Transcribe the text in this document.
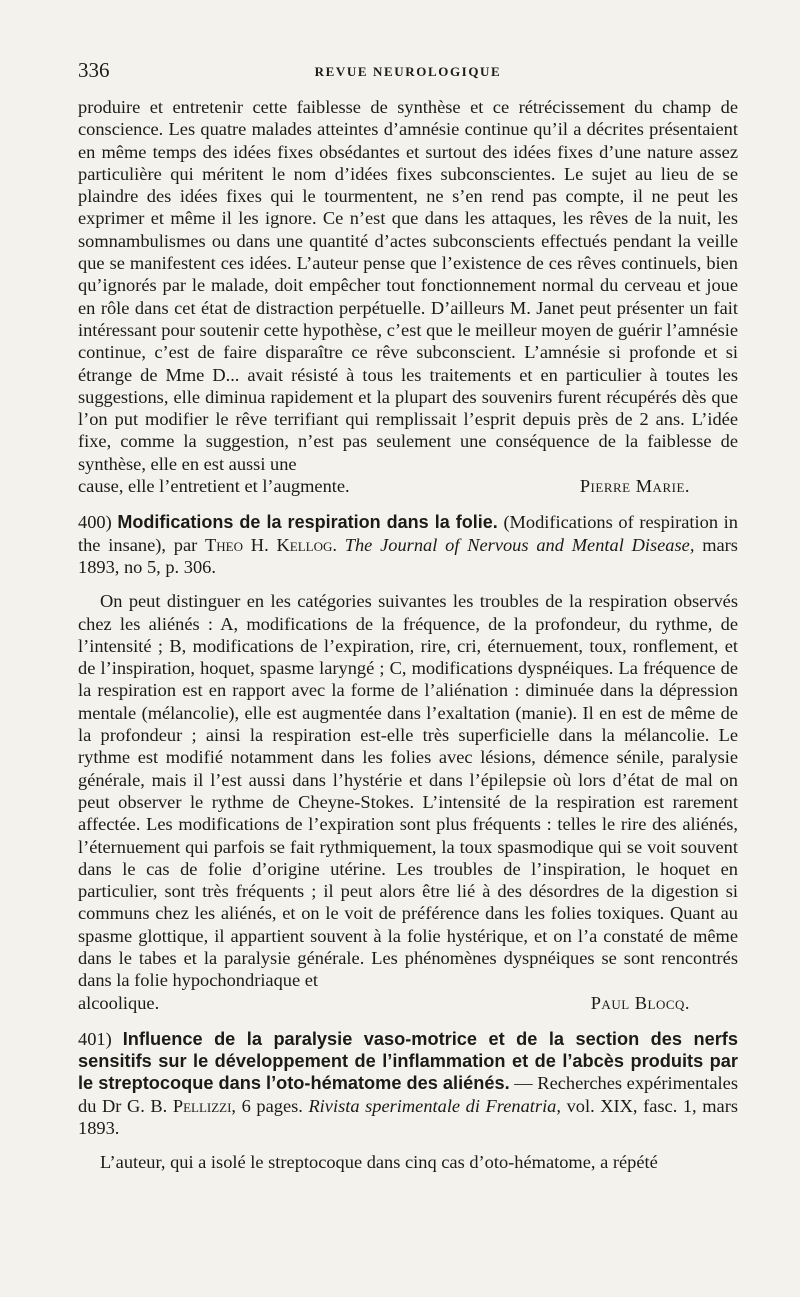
336	REVUE NEUROLOGIQUE

produire et entretenir cette faiblesse de synthèse et ce rétrécissement du champ de conscience. Les quatre malades atteintes d’amnésie continue qu’il a décrites présentaient en même temps des idées fixes obsédantes et surtout des idées fixes d’une nature assez particulière qui méritent le nom d’idées fixes subconscientes. Le sujet au lieu de se plaindre des idées fixes qui le tourmentent, ne s’en rend pas compte, il ne peut les exprimer et même il les ignore. Ce n’est que dans les attaques, les rêves de la nuit, les somnambulismes ou dans une quantité d’actes subconscients effectués pendant la veille que se manifestent ces idées. L’auteur pense que l’existence de ces rêves continuels, bien qu’ignorés par le malade, doit empêcher tout fonctionnement normal du cerveau et joue en rôle dans cet état de distraction perpétuelle. D’ailleurs M. Janet peut présenter un fait intéressant pour soutenir cette hypothèse, c’est que le meilleur moyen de guérir l’amnésie continue, c’est de faire disparaître ce rêve subconscient. L’amnésie si profonde et si étrange de Mme D... avait résisté à tous les traitements et en particulier à toutes les suggestions, elle diminua rapidement et la plupart des souvenirs furent récupérés dès que l’on put modifier le rêve terrifiant qui remplissait l’esprit depuis près de 2 ans. L’idée fixe, comme la suggestion, n’est pas seulement une conséquence de la faiblesse de synthèse, elle en est aussi une

cause, elle l’entretient et l’augmente.	Pierre Marie.

400) Modifications de la respiration dans la folie. (Modifications of respiration in the insane), par Theo H. Kellog. The Journal of Nervous and Mental Disease, mars 1893, no 5, p. 306.

On peut distinguer en les catégories suivantes les troubles de la respiration observés chez les aliénés : A, modifications de la fréquence, de la profondeur, du rythme, de l’intensité ; B, modifications de l’expiration, rire, cri, éternuement, toux, ronflement, et de l’inspiration, hoquet, spasme laryngé ; C, modifications dyspnéiques. La fréquence de la respiration est en rapport avec la forme de l’aliénation : diminuée dans la dépression mentale (mélancolie), elle est augmentée dans l’exaltation (manie). Il en est de même de la profondeur ; ainsi la respiration est-elle très superficielle dans la mélancolie. Le rythme est modifié notamment dans les folies avec lésions, démence sénile, paralysie générale, mais il l’est aussi dans l’hystérie et dans l’épilepsie où lors d’état de mal on peut observer le rythme de Cheyne-Stokes. L’intensité de la respiration est rarement affectée. Les modifications de l’expiration sont plus fréquents : telles le rire des aliénés, l’éternuement qui parfois se fait rythmiquement, la toux spasmodique qui se voit souvent dans le cas de folie d’origine utérine. Les troubles de l’inspiration, le hoquet en particulier, sont très fréquents ; il peut alors être lié à des désordres de la digestion si communs chez les aliénés, et on le voit de préférence dans les folies toxiques. Quant au spasme glottique, il appartient souvent à la folie hystérique, et on l’a constaté de même dans le tabes et la paralysie générale. Les phénomènes dyspnéiques se sont rencontrés dans la folie hypochondriaque et

alcoolique.	Paul Blocq.

401) Influence de la paralysie vaso-motrice et de la section des nerfs sensitifs sur le développement de l’inflammation et de l’abcès produits par le streptocoque dans l’oto-hématome des aliénés. — Recherches expérimentales du Dr G. B. Pellizzi, 6 pages. Rivista sperimentale di Frenatria, vol. XIX, fasc. 1, mars 1893.

L’auteur, qui a isolé le streptocoque dans cinq cas d’oto-hématome, a répété
